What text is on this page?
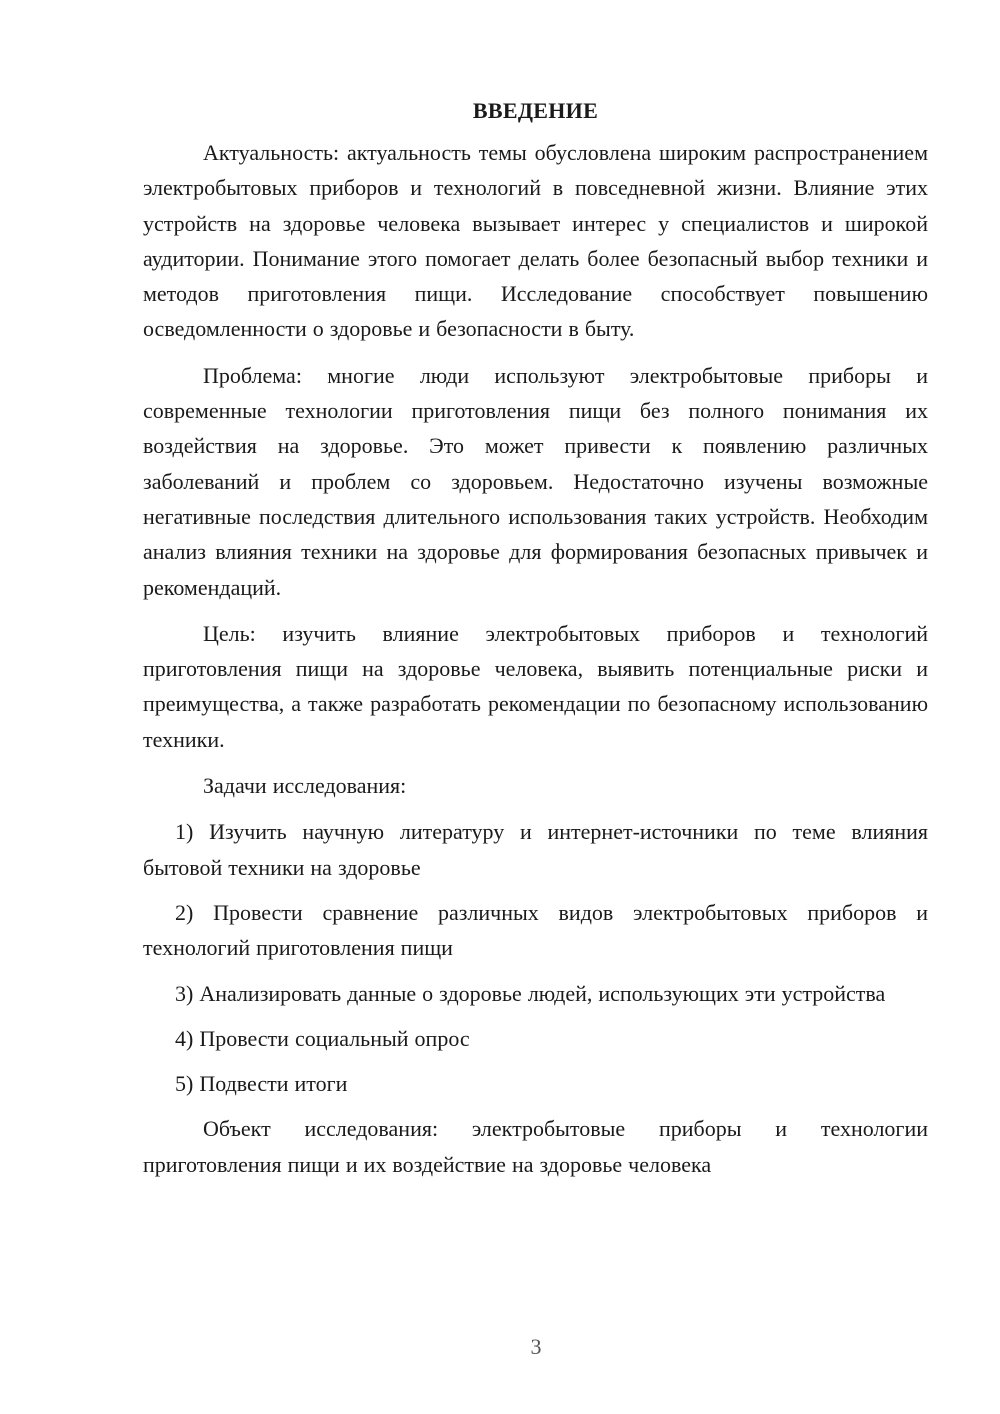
ВВЕДЕНИЕ

Актуальность: актуальность темы обусловлена широким распространением электробытовых приборов и технологий в повседневной жизни. Влияние этих устройств на здоровье человека вызывает интерес у специалистов и широкой аудитории. Понимание этого помогает делать более безопасный выбор техники и методов приготовления пищи. Исследование способствует повышению осведомленности о здоровье и безопасности в быту.

Проблема: многие люди используют электробытовые приборы и современные технологии приготовления пищи без полного понимания их воздействия на здоровье. Это может привести к появлению различных заболеваний и проблем со здоровьем. Недостаточно изучены возможные негативные последствия длительного использования таких устройств. Необходим анализ влияния техники на здоровье для формирования безопасных привычек и рекомендаций.

Цель: изучить влияние электробытовых приборов и технологий приготовления пищи на здоровье человека, выявить потенциальные риски и преимущества, а также разработать рекомендации по безопасному использованию техники.

Задачи исследования:

1) Изучить научную литературу и интернет-источники по теме влияния бытовой техники на здоровье

2) Провести сравнение различных видов электробытовых приборов и технологий приготовления пищи

3) Анализировать данные о здоровье людей, использующих эти устройства

4) Провести социальный опрос

5) Подвести итоги

Объект исследования: электробытовые приборы и технологии приготовления пищи и их воздействие на здоровье человека

3
